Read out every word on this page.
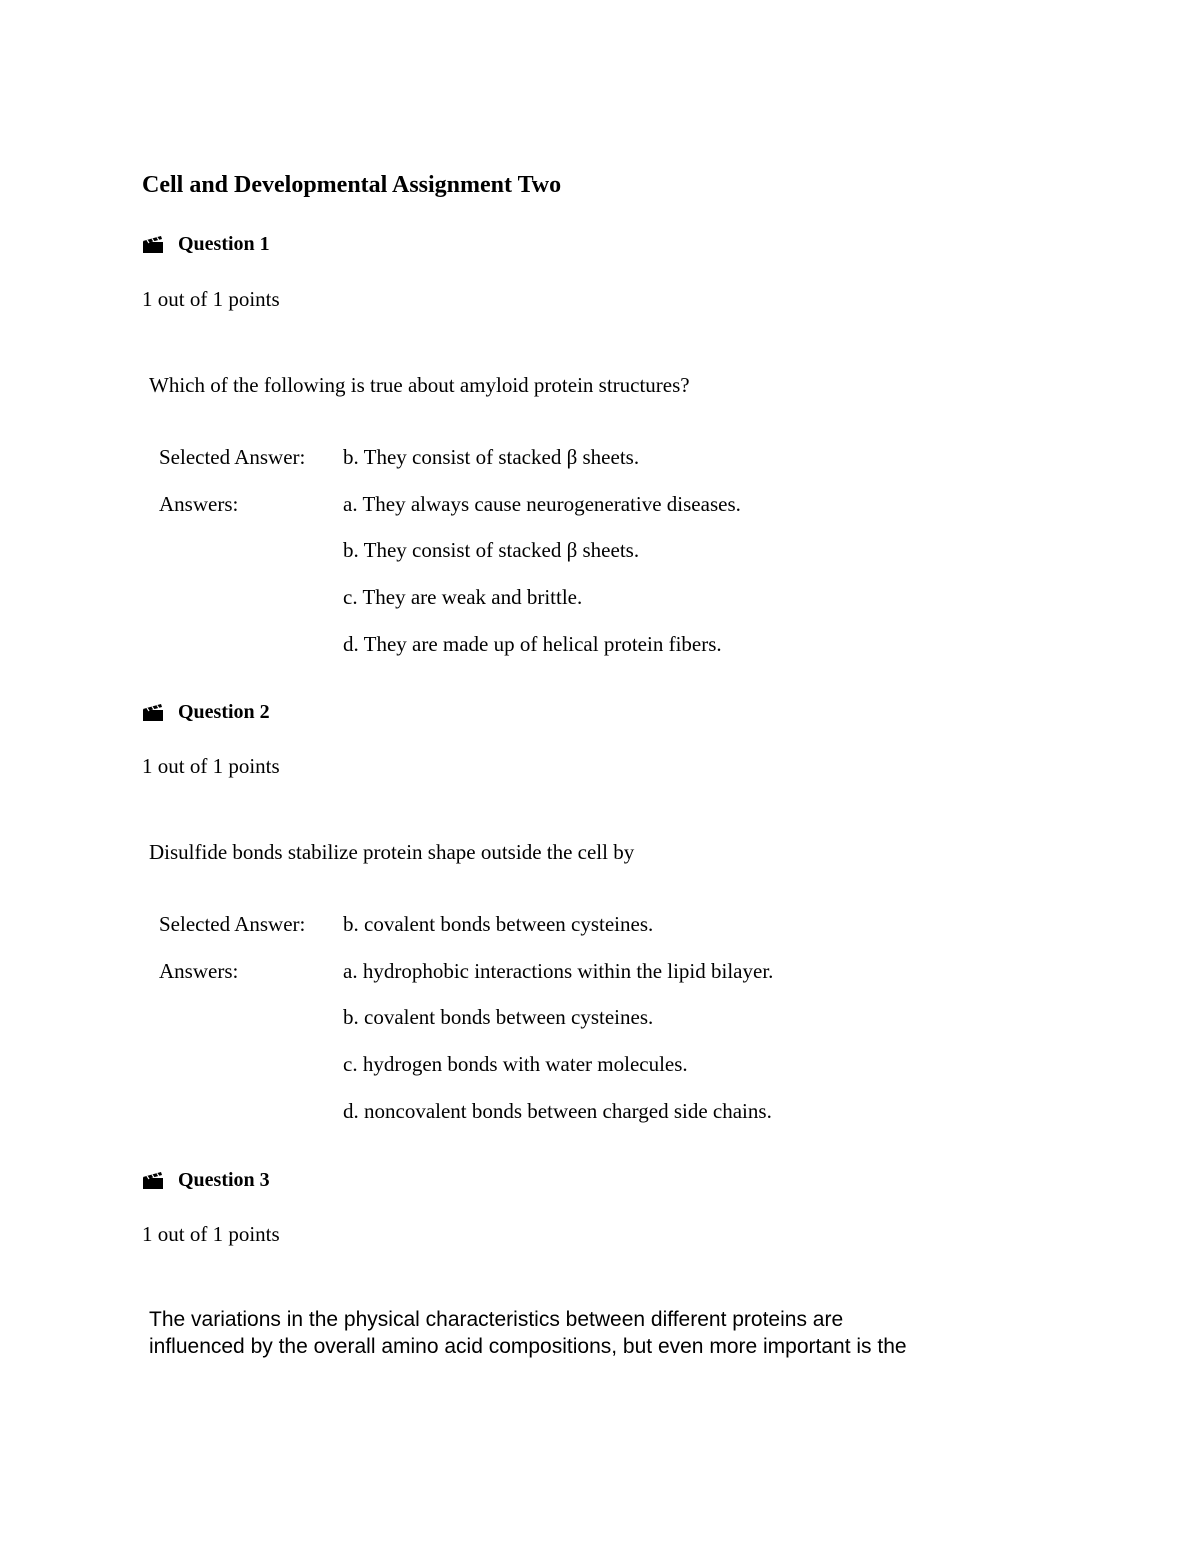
Cell and Developmental Assignment Two
Question 1
1 out of 1 points
Which of the following is true about amyloid protein structures?
Selected Answer: b. They consist of stacked β sheets.
Answers:	a. They always cause neurogenerative diseases.
b. They consist of stacked β sheets.
c. They are weak and brittle.
d. They are made up of helical protein fibers.
Question 2
1 out of 1 points
Disulfide bonds stabilize protein shape outside the cell by
Selected Answer: b. covalent bonds between cysteines.
Answers:	a. hydrophobic interactions within the lipid bilayer.
b. covalent bonds between cysteines.
c. hydrogen bonds with water molecules.
d. noncovalent bonds between charged side chains.
Question 3
1 out of 1 points
The variations in the physical characteristics between different proteins are
influenced by the overall amino acid compositions, but even more important is the
